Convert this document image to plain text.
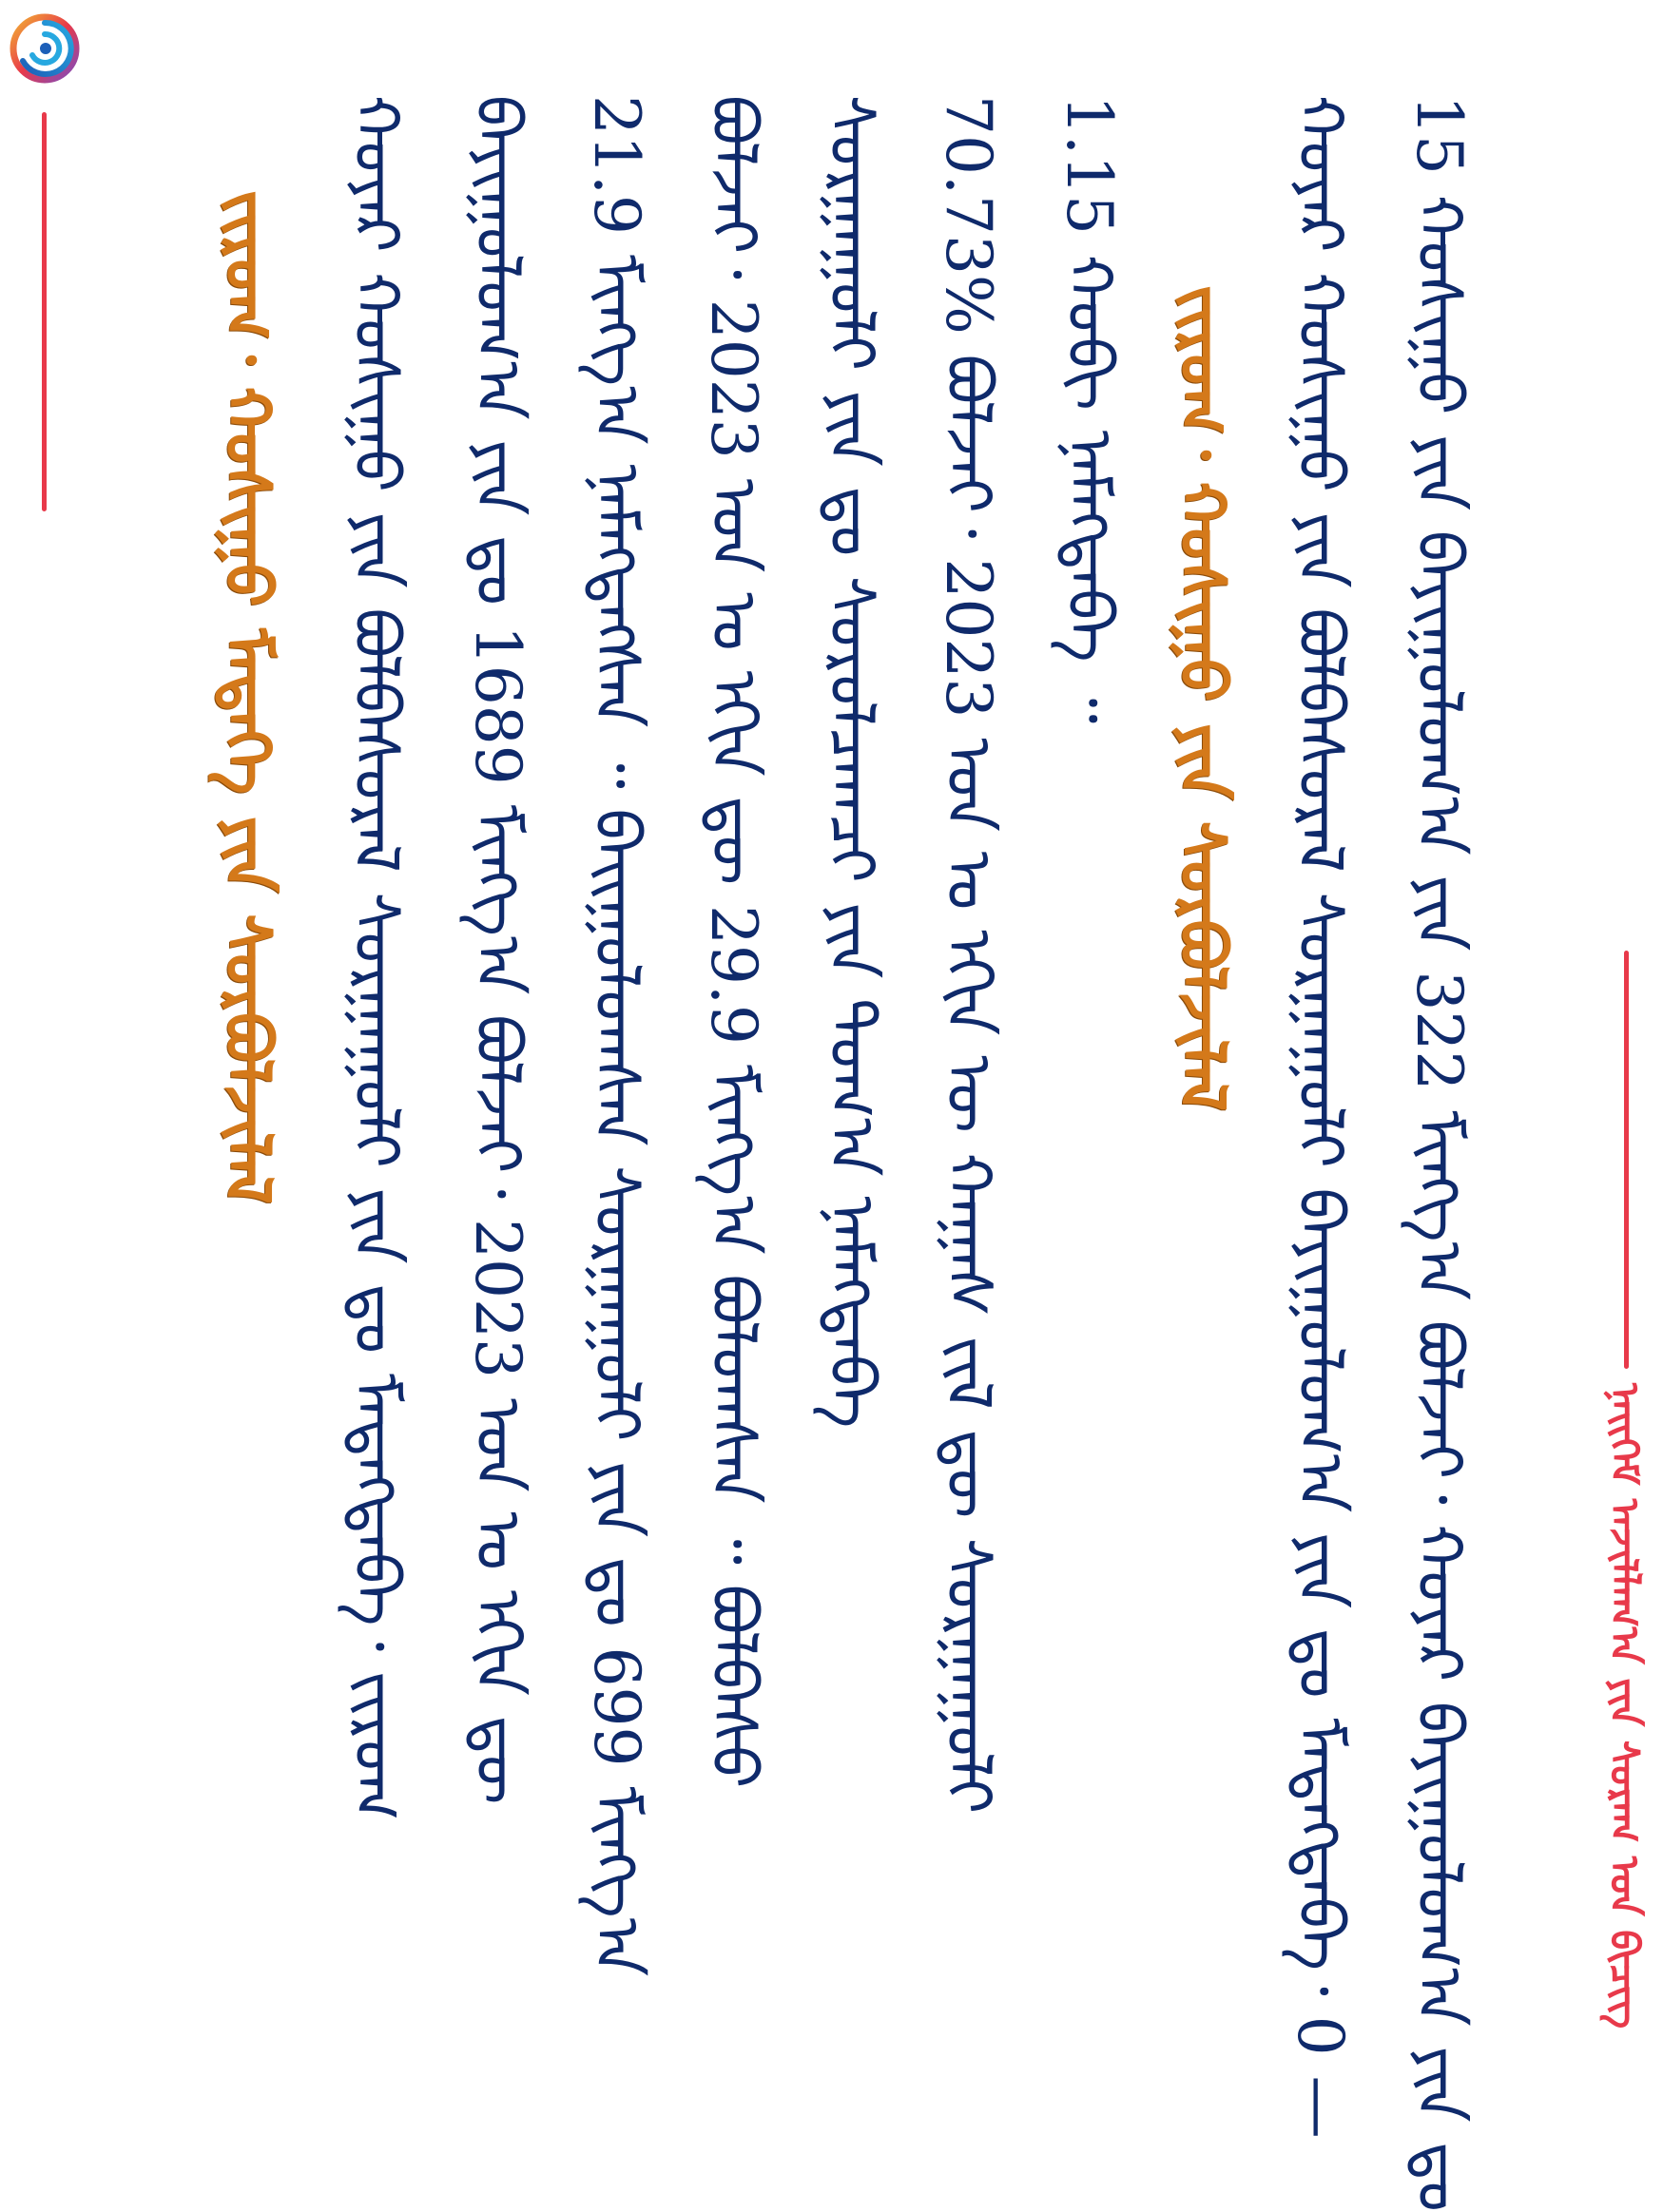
ᠨᠡᠢᠭᠡᠮ ᠠᠵᠢᠯᠯᠠᠭ᠎ᠠ ᠶᠢᠨ ᠰᠤᠷᠠᠭ ᠤᠨ ᠪᠢᠴᠢᠭ
15 ᠬᠣᠰᠢᠭᠤ ᠶᠢᠨ ᠪᠠᠶᠢᠭᠤᠯᠤᠭ᠎ᠠ ᠶᠢᠨ 322 ᠮᠢᠩᠭ᠎ᠠ ᠪᠣᠯᠵᠠᠢ᠂ ᠬᠣᠶᠠᠷ ᠪᠠᠶᠢᠭᠤᠯᠤᠭ᠎ᠠ ᠶᠢᠨ ᠳᠤ
ᠬᠣᠶᠠᠷ ᠬᠣᠰᠢᠭᠤ ᠶᠢᠨ ᠪᠣᠯᠪᠠᠰᠤᠷᠠᠯ ᠰᠤᠷᠭᠠᠭᠤᠯᠢ ᠪᠠᠶᠢᠭᠤᠯᠤᠭ᠎ᠠ ᠶᠢᠨ ᠳᠤ ᠮᠡᠳᠡᠭᠳᠡᠪᠡ᠂ 0 —
ᠵᠢᠷᠤᠭ᠂ ᠬᠣᠰᠢᠭᠤ ᠶᠢᠨ ᠰᠤᠷᠪᠤᠯᠵᠢᠯᠠᠯ
1.15 ᠬᠤᠪᠢ ᠨᠡᠮᠡᠭᠳᠡᠪᠡ ᠃
70.73% ᠪᠣᠯᠵᠠᠢ᠂ 2023 ᠣᠨ ᠤ ᠡᠬᠢᠨ ᠦ ᠬᠠᠭᠠᠰ ᠵᠢᠯ ᠳᠦ ᠰᠤᠷᠭᠠᠭᠤᠯᠢ
ᠰᠤᠷᠭᠠᠭᠤᠯᠢ ᠶᠢᠨ ᠳᠤ ᠰᠤᠷᠤᠯᠴᠠᠭᠴᠢ ᠶᠢᠨ ᠲᠣᠭ᠎ᠠ ᠨᠡᠮᠡᠭᠳᠡᠪᠡ
ᠪᠣᠯᠵᠠᠢ᠂ 2023 ᠣᠨ ᠤ ᠡᠬᠢᠨ ᠳᠦ 29.9 ᠮᠢᠩᠭ᠎ᠠ ᠪᠣᠯᠤᠭᠰᠠᠨ ᠃ ᠪᠣᠯᠪᠠᠰᠤ
21.9 ᠮᠢᠩᠭ᠎ᠠ ᠨᠡᠮᠡᠭᠳᠡᠭᠰᠡᠨ ᠃ ᠪᠠᠢᠭᠤᠯᠤᠭᠰᠠᠨ ᠰᠤᠷᠭᠠᠭᠤᠯᠢ ᠶᠢᠨ ᠳᠤ 699 ᠮᠢᠩᠭ᠎ᠠ
ᠪᠠᠶᠢᠭᠤᠯᠤᠭ᠎ᠠ ᠶᠢᠨ ᠳᠤ 1689 ᠮᠢᠩᠭ᠎ᠠ ᠪᠣᠯᠵᠠᠢ᠂ 2023 ᠣᠨ ᠤ ᠡᠬᠢᠨ ᠳᠦ
ᠬᠣᠶᠠᠷ ᠬᠣᠰᠢᠭᠤ ᠶᠢᠨ ᠪᠣᠯᠪᠠᠰᠤᠷᠠᠯ ᠰᠤᠷᠭᠠᠭᠤᠯᠢ ᠶᠢᠨ ᠳᠤ ᠮᠡᠳᠡᠭᠳᠡᠪᠡ᠂ ᠵᠢᠷᠤᠭ
ᠵᠢᠷᠤᠭ᠂ ᠬᠣᠰᠢᠭᠤ ᠮᠡᠳᠡᠭᠡ ᠶᠢᠨ ᠰᠤᠷᠪᠤᠯᠵᠢᠯᠠᠯ
